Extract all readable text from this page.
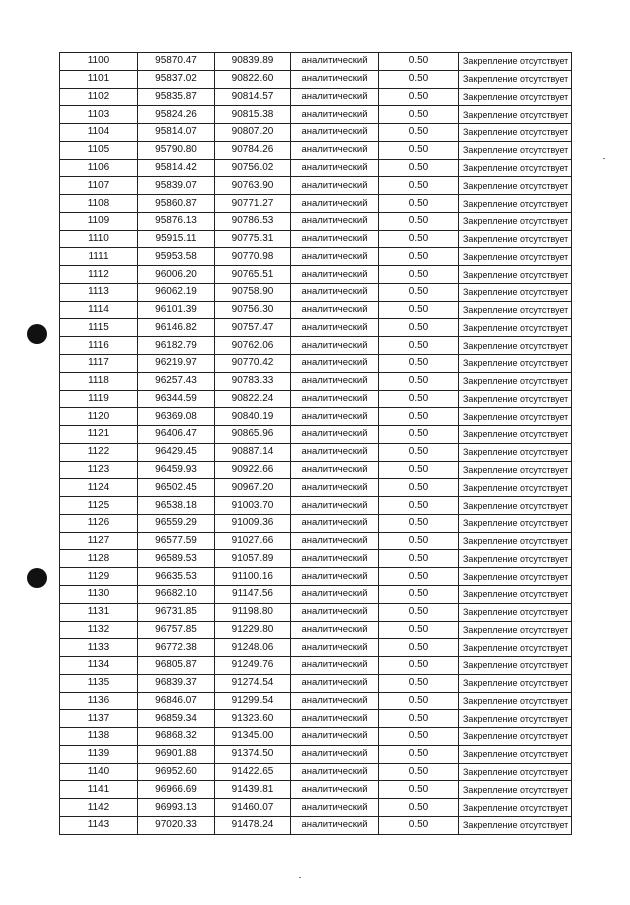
1100	95870.47	90839.89	аналитический	0.50	Закрепление отсутствует
1101	95837.02	90822.60	аналитический	0.50	Закрепление отсутствует
1102	95835.87	90814.57	аналитический	0.50	Закрепление отсутствует
1103	95824.26	90815.38	аналитический	0.50	Закрепление отсутствует
1104	95814.07	90807.20	аналитический	0.50	Закрепление отсутствует
1105	95790.80	90784.26	аналитический	0.50	Закрепление отсутствует
1106	95814.42	90756.02	аналитический	0.50	Закрепление отсутствует
1107	95839.07	90763.90	аналитический	0.50	Закрепление отсутствует
1108	95860.87	90771.27	аналитический	0.50	Закрепление отсутствует
1109	95876.13	90786.53	аналитический	0.50	Закрепление отсутствует
1110	95915.11	90775.31	аналитический	0.50	Закрепление отсутствует
1111	95953.58	90770.98	аналитический	0.50	Закрепление отсутствует
1112	96006.20	90765.51	аналитический	0.50	Закрепление отсутствует
1113	96062.19	90758.90	аналитический	0.50	Закрепление отсутствует
1114	96101.39	90756.30	аналитический	0.50	Закрепление отсутствует
1115	96146.82	90757.47	аналитический	0.50	Закрепление отсутствует
1116	96182.79	90762.06	аналитический	0.50	Закрепление отсутствует
1117	96219.97	90770.42	аналитический	0.50	Закрепление отсутствует
1118	96257.43	90783.33	аналитический	0.50	Закрепление отсутствует
1119	96344.59	90822.24	аналитический	0.50	Закрепление отсутствует
1120	96369.08	90840.19	аналитический	0.50	Закрепление отсутствует
1121	96406.47	90865.96	аналитический	0.50	Закрепление отсутствует
1122	96429.45	90887.14	аналитический	0.50	Закрепление отсутствует
1123	96459.93	90922.66	аналитический	0.50	Закрепление отсутствует
1124	96502.45	90967.20	аналитический	0.50	Закрепление отсутствует
1125	96538.18	91003.70	аналитический	0.50	Закрепление отсутствует
1126	96559.29	91009.36	аналитический	0.50	Закрепление отсутствует
1127	96577.59	91027.66	аналитический	0.50	Закрепление отсутствует
1128	96589.53	91057.89	аналитический	0.50	Закрепление отсутствует
1129	96635.53	91100.16	аналитический	0.50	Закрепление отсутствует
1130	96682.10	91147.56	аналитический	0.50	Закрепление отсутствует
1131	96731.85	91198.80	аналитический	0.50	Закрепление отсутствует
1132	96757.85	91229.80	аналитический	0.50	Закрепление отсутствует
1133	96772.38	91248.06	аналитический	0.50	Закрепление отсутствует
1134	96805.87	91249.76	аналитический	0.50	Закрепление отсутствует
1135	96839.37	91274.54	аналитический	0.50	Закрепление отсутствует
1136	96846.07	91299.54	аналитический	0.50	Закрепление отсутствует
1137	96859.34	91323.60	аналитический	0.50	Закрепление отсутствует
1138	96868.32	91345.00	аналитический	0.50	Закрепление отсутствует
1139	96901.88	91374.50	аналитический	0.50	Закрепление отсутствует
1140	96952.60	91422.65	аналитический	0.50	Закрепление отсутствует
1141	96966.69	91439.81	аналитический	0.50	Закрепление отсутствует
1142	96993.13	91460.07	аналитический	0.50	Закрепление отсутствует
1143	97020.33	91478.24	аналитический	0.50	Закрепление отсутствует
